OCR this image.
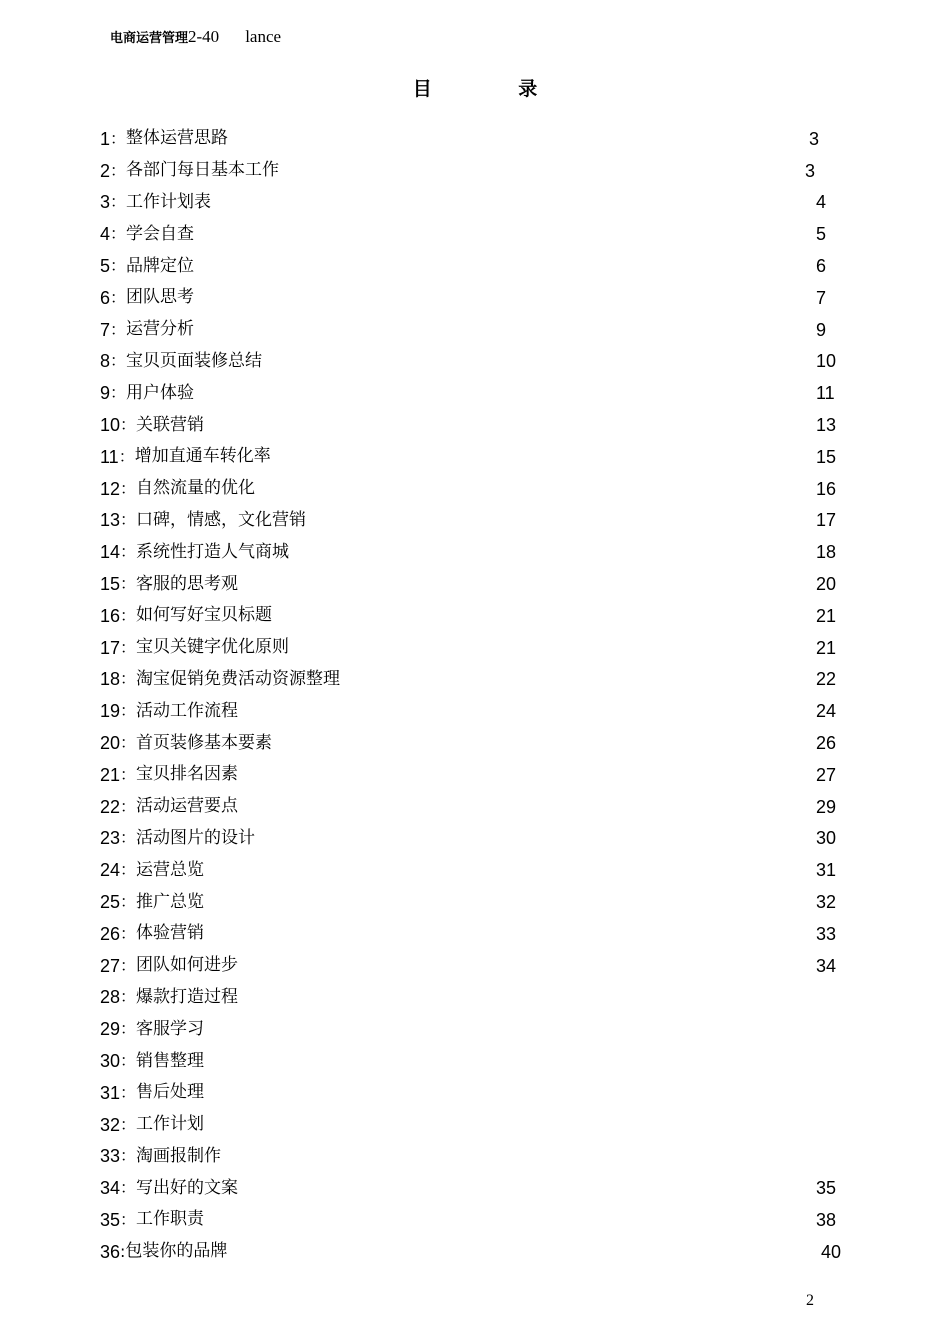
电商运营管理2-40 lance
目 录
1 ： 整体运营思路	3
2 ： 各部门每日基本工作	3
3 ： 工作计划表	4
4 ： 学会自查	5
5 ： 品牌定位	6
6 ： 团队思考	7
7 ： 运营分析	9
8 ： 宝贝页面装修总结	10
9 ： 用户体验	11
10 ： 关联营销	13
11 ： 增加直通车转化率	15
12 ： 自然流量的优化	16
13 ： 口碑，情感，文化营销	17
14 ： 系统性打造人气商城	18
15 ： 客服的思考观	20
16 ： 如何写好宝贝标题	21
17 ： 宝贝关键字优化原则	21
18 ： 淘宝促销免费活动资源整理	22
19 ： 活动工作流程	24
20 ： 首页装修基本要素	26
21 ： 宝贝排名因素	27
22 ： 活动运营要点	29
23 ： 活动图片的设计	30
24 ： 运营总览	31
25 ： 推广总览	32
26 ： 体验营销	33
27 ： 团队如何进步	34
28 ： 爆款打造过程
29 ： 客服学习
30 ： 销售整理
31 ： 售后处理
32 ： 工作计划
33 ： 淘画报制作
34 ： 写出好的文案	35
35 ： 工作职责	38
36 : 包装你的品牌	40
2
